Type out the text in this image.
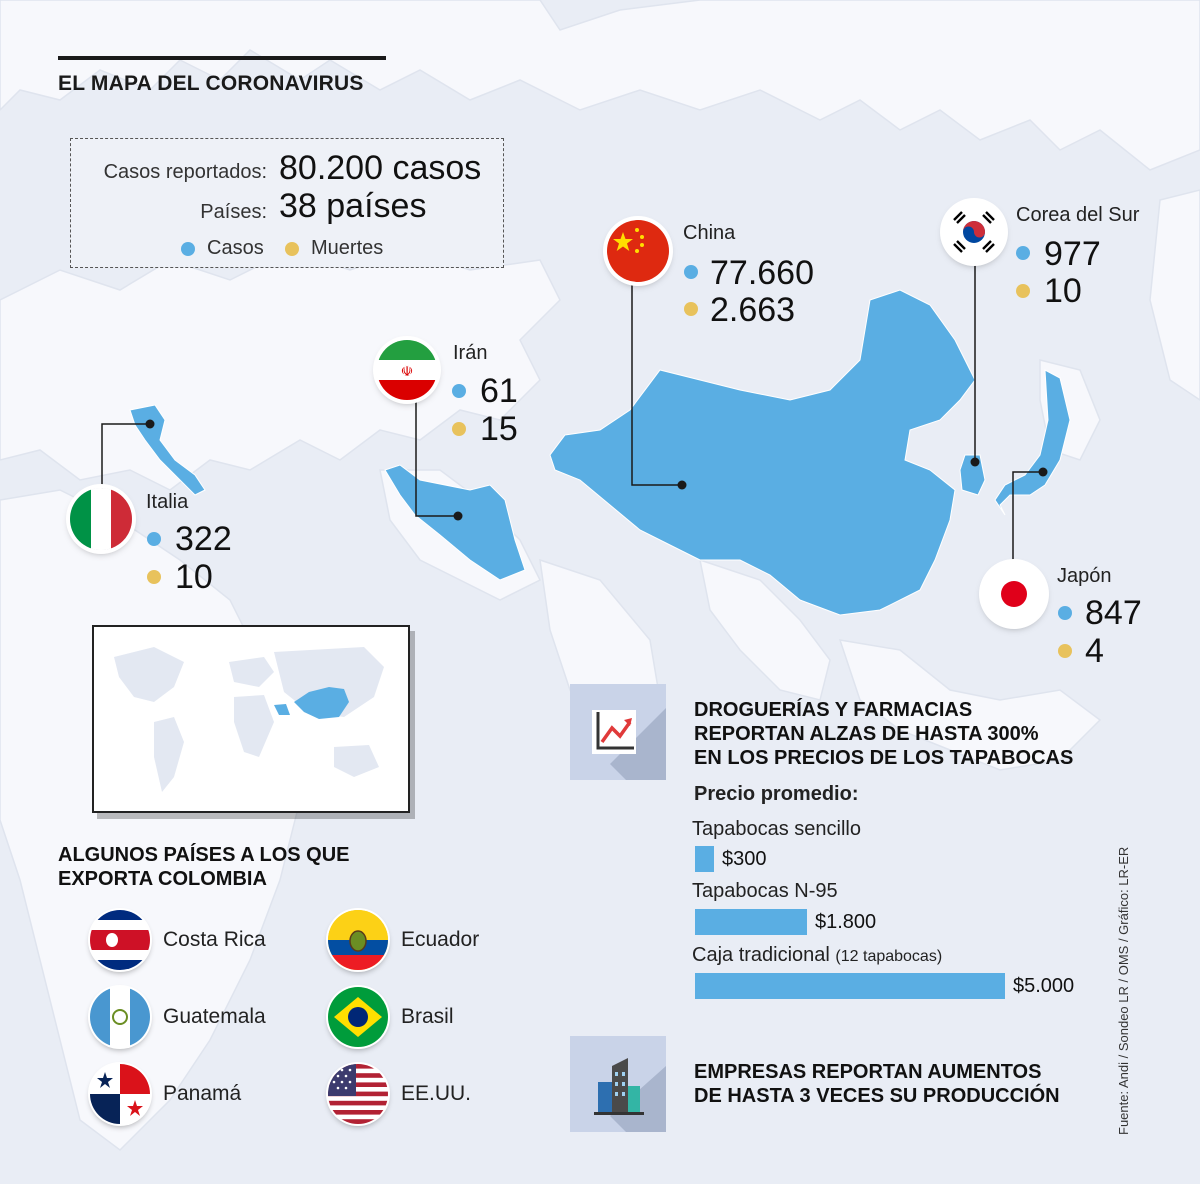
EL MAPA DEL CORONAVIRUS
Casos reportados: 80.200 casos
Países: 38 países
Casos Muertes
China
77.660
2.663
Corea del Sur
977
10
☫
Irán
61
15
Italia
322
10	Japón
847
4
ALGUNOS PAÍSES A LOS QUE
EXPORTA COLOMBIA
Costa Rica	Ecuador
Guatemala	Brasil
Panamá	EE.UU.
DROGUERÍAS Y FARMACIAS
REPORTAN ALZAS DE HASTA 300%
EN LOS PRECIOS DE LOS TAPABOCAS
Precio promedio:
Tapabocas sencillo
$300
Tapabocas N-95
$1.800
Caja tradicional (12 tapabocas)
$5.000
EMPRESAS REPORTAN AUMENTOS
DE HASTA 3 VECES SU PRODUCCIÓN	Fuente: Andi / Sondeo LR / OMS / Gráfico: LR-ER
